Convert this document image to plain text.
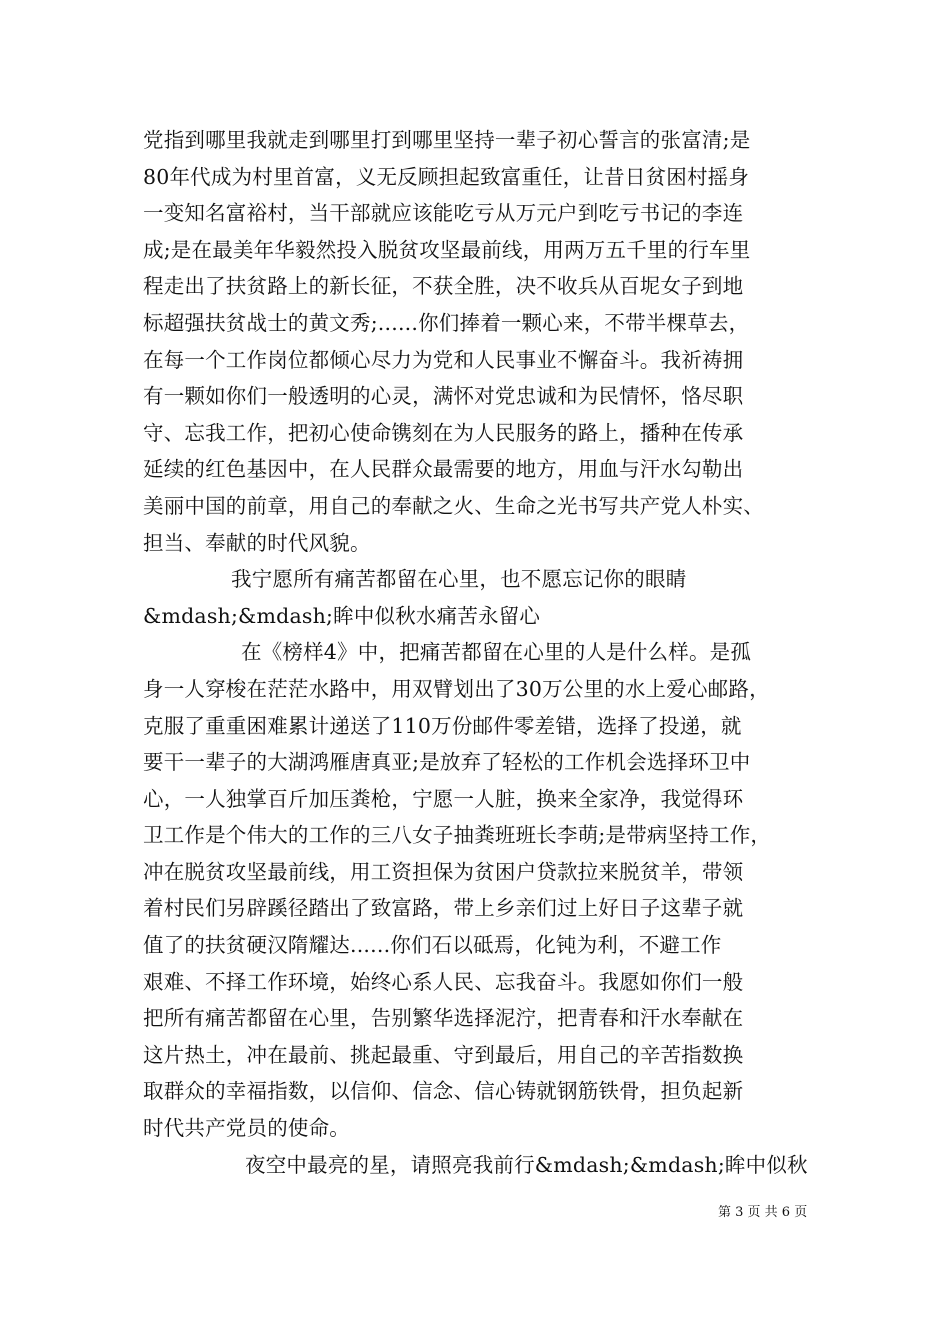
党指到哪里我就走到哪里打到哪里坚持一辈子初心誓言的张富清;是
80年代成为村里首富，义无反顾担起致富重任，让昔日贫困村摇身
一变知名富裕村，当干部就应该能吃亏从万元户到吃亏书记的李连
成;是在最美年华毅然投入脱贫攻坚最前线，用两万五千里的行车里
程走出了扶贫路上的新长征，不获全胜，决不收兵从百坭女子到地
标超强扶贫战士的黄文秀;......你们捧着一颗心来，不带半棵草去，
在每一个工作岗位都倾心尽力为党和人民事业不懈奋斗。我祈祷拥
有一颗如你们一般透明的心灵，满怀对党忠诚和为民情怀，恪尽职
守、忘我工作，把初心使命镌刻在为人民服务的路上，播种在传承
延续的红色基因中，在人民群众最需要的地方，用血与汗水勾勒出
美丽中国的前章，用自己的奉献之火、生命之光书写共产党人朴实、
担当、奉献的时代风貌。
我宁愿所有痛苦都留在心里，也不愿忘记你的眼睛
&mdash;&mdash;眸中似秋水痛苦永留心
在《榜样4》中，把痛苦都留在心里的人是什么样。是孤
身一人穿梭在茫茫水路中，用双臂划出了30万公里的水上爱心邮路，
克服了重重困难累计递送了110万份邮件零差错，选择了投递，就
要干一辈子的大湖鸿雁唐真亚;是放弃了轻松的工作机会选择环卫中
心，一人独掌百斤加压粪枪，宁愿一人脏，换来全家净，我觉得环
卫工作是个伟大的工作的三八女子抽粪班班长李萌;是带病坚持工作，
冲在脱贫攻坚最前线，用工资担保为贫困户贷款拉来脱贫羊，带领
着村民们另辟蹊径踏出了致富路，带上乡亲们过上好日子这辈子就
值了的扶贫硬汉隋耀达......你们石以砥焉，化钝为利，不避工作
艰难、不择工作环境，始终心系人民、忘我奋斗。我愿如你们一般
把所有痛苦都留在心里，告别繁华选择泥泞，把青春和汗水奉献在
这片热土，冲在最前、挑起最重、守到最后，用自己的辛苦指数换
取群众的幸福指数，以信仰、信念、信心铸就钢筋铁骨，担负起新
时代共产党员的使命。
夜空中最亮的星，请照亮我前行&mdash;&mdash;眸中似秋
第 3 页 共 6 页
